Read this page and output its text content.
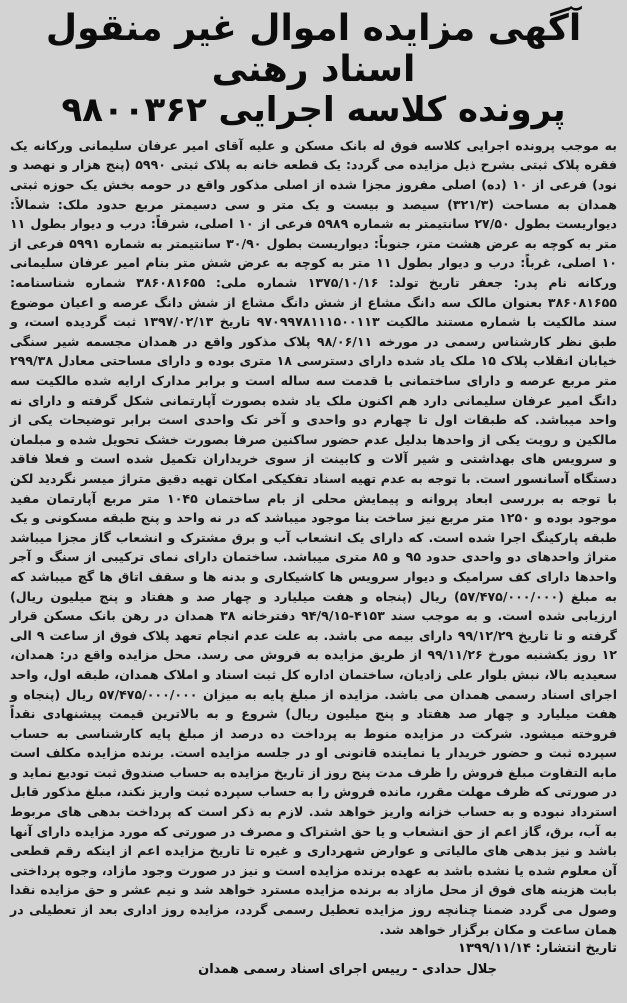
آگهی مزایده اموال غیر منقول اسناد رهنی
پرونده کلاسه اجرایی ۹۸۰۰۳۶۲
به موجب پرونده اجرایی کلاسه فوق له بانک مسکن و علیه آقای امیر عرفان سلیمانی ورکانه یک فقره پلاک ثبتی بشرح ذیل مزایده می گردد: یک قطعه خانه به پلاک ثبتی ۵۹۹۰ (پنج هزار و نهصد و نود) فرعی از ۱۰ (ده) اصلی مفروز مجزا شده از اصلی مذکور واقع در حومه بخش یک حوزه ثبتی همدان به مساحت (۳۲۱/۳) سیصد و بیست و یک متر و سی دسیمتر مربع حدود ملک: شمالاً: دیواریست بطول ۲۷/۵۰ سانتیمتر به شماره ۵۹۸۹ فرعی از ۱۰ اصلی، شرقاً: درب و دیوار بطول ۱۱ متر به کوچه به عرض هشت متر، جنوباً: دیواریست بطول ۳۰/۹۰ سانتیمتر به شماره ۵۹۹۱ فرعی از ۱۰ اصلی، غرباً: درب و دیوار بطول ۱۱ متر به کوچه به عرض شش متر بنام امیر عرفان سلیمانی ورکانه نام پدر: جعفر تاریخ تولد: ۱۳۷۵/۱۰/۱۶ شماره ملی: ۳۸۶۰۸۱۶۵۵ شماره شناسنامه: ۳۸۶۰۸۱۶۵۵ بعنوان مالک سه دانگ مشاع از شش دانگ مشاع از شش دانگ عرصه و اعیان موضوع سند مالکیت با شماره مستند مالکیت ۹۷۰۹۹۷۸۱۱۱۵۰۰۱۱۳ تاریخ ۱۳۹۷/۰۲/۱۳ ثبت گردیده است، و طبق نظر کارشناس رسمی در مورخه ۹۸/۰۶/۱۱ پلاک مذکور واقع در همدان مجسمه شیر سنگی خیابان انقلاب پلاک ۱۵ ملک یاد شده دارای دسترسی ۱۸ متری بوده و دارای مساحتی معادل ۲۹۹/۳۸ متر مربع عرصه و دارای ساختمانی با قدمت سه ساله است و برابر مدارک ارایه شده مالکیت سه دانگ امیر عرفان سلیمانی دارد هم اکنون ملک یاد شده بصورت آپارتمانی شکل گرفته و دارای نه واحد میباشد. که طبقات اول تا چهارم دو واحدی و آخر تک واحدی است برابر توضیحات یکی از مالکین و رویت یکی از واحدها بدلیل عدم حضور ساکنین صرفا بصورت خشک تحویل شده و مبلمان و سرویس های بهداشتی و شیر آلات و کابینت از سوی خریداران تکمیل شده است و فعلا فاقد دستگاه آسانسور است. با توجه به عدم تهیه اسناد تفکیکی امکان تهیه دقیق متراژ میسر نگردید لکن با توجه به بررسی ابعاد پروانه و پیمایش محلی از بام ساختمان ۱۰۴۵ متر مربع آپارتمان مفید موجود بوده و ۱۲۵۰ متر مربع نیز ساخت بنا موجود میباشد که در نه واحد و پنج طبقه مسکونی و یک طبقه پارکینگ اجرا شده است. که دارای یک انشعاب آب و برق مشترک و انشعاب گاز مجزا میباشد متراژ واحدهای دو واحدی حدود ۹۵ و ۸۵ متری میباشد. ساختمان دارای نمای ترکیبی از سنگ و آجر واحدها دارای کف سرامیک و دیوار سرویس ها کاشیکاری و بدنه ها و سقف اتاق ها گچ میباشد که به مبلغ (۵۷/۴۷۵/۰۰۰/۰۰۰) ریال (پنجاه و هفت میلیارد و چهار صد و هفتاد و پنج میلیون ریال) ارزیابی شده است. و به موجب سند ۴۱۵۳-۹۴/۹/۱۵ دفترخانه ۳۸ همدان در رهن بانک مسکن قرار گرفته و تا تاریخ ۹۹/۱۲/۲۹ دارای بیمه می باشد. به علت عدم انجام تعهد پلاک فوق از ساعت ۹ الی ۱۲ روز یکشنبه مورخ ۹۹/۱۱/۲۶ از طریق مزایده به فروش می رسد. محل مزایده واقع در: همدان، سعیدیه بالا، نبش بلوار علی زادیان، ساختمان اداره کل ثبت اسناد و املاک همدان، طبقه اول، واحد اجرای اسناد رسمی همدان می باشد. مزایده از مبلغ پایه به میزان ۵۷/۴۷۵/۰۰۰/۰۰۰ ریال (پنجاه و هفت میلیارد و چهار صد هفتاد و پنج میلیون ریال) شروع و به بالاترین قیمت پیشنهادی نقداً فروخته میشود. شرکت در مزایده منوط به پرداخت ده درصد از مبلغ پایه کارشناسی به حساب سپرده ثبت و حضور خریدار یا نماینده قانونی او در جلسه مزایده است. برنده مزایده مکلف است مابه التفاوت مبلغ فروش را ظرف مدت پنج روز از تاریخ مزایده به حساب صندوق ثبت تودیع نماید و در صورتی که ظرف مهلت مقرر، مانده فروش را به حساب سپرده ثبت واریز نکند، مبلغ مذکور قابل استرداد نبوده و به حساب خزانه واریز خواهد شد. لازم به ذکر است که پرداخت بدهی های مربوط به آب، برق، گاز اعم از حق انشعاب و یا حق اشتراک و مصرف در صورتی که مورد مزایده دارای آنها باشد و نیز بدهی های مالیاتی و عوارض شهرداری و غیره تا تاریخ مزایده اعم از اینکه رقم قطعی آن معلوم شده یا نشده باشد به عهده برنده مزایده است و نیز در صورت وجود مازاد، وجوه پرداختی بابت هزینه های فوق از محل مازاد به برنده مزایده مسترد خواهد شد و نیم عشر و حق مزایده نقدا وصول می گردد ضمنا چنانچه روز مزایده تعطیل رسمی گردد، مزایده روز اداری بعد از تعطیلی در همان ساعت و مکان برگزار خواهد شد.
تاریخ انتشار: ۱۳۹۹/۱۱/۱۴
جلال حدادی - رییس اجرای اسناد رسمی همدان
